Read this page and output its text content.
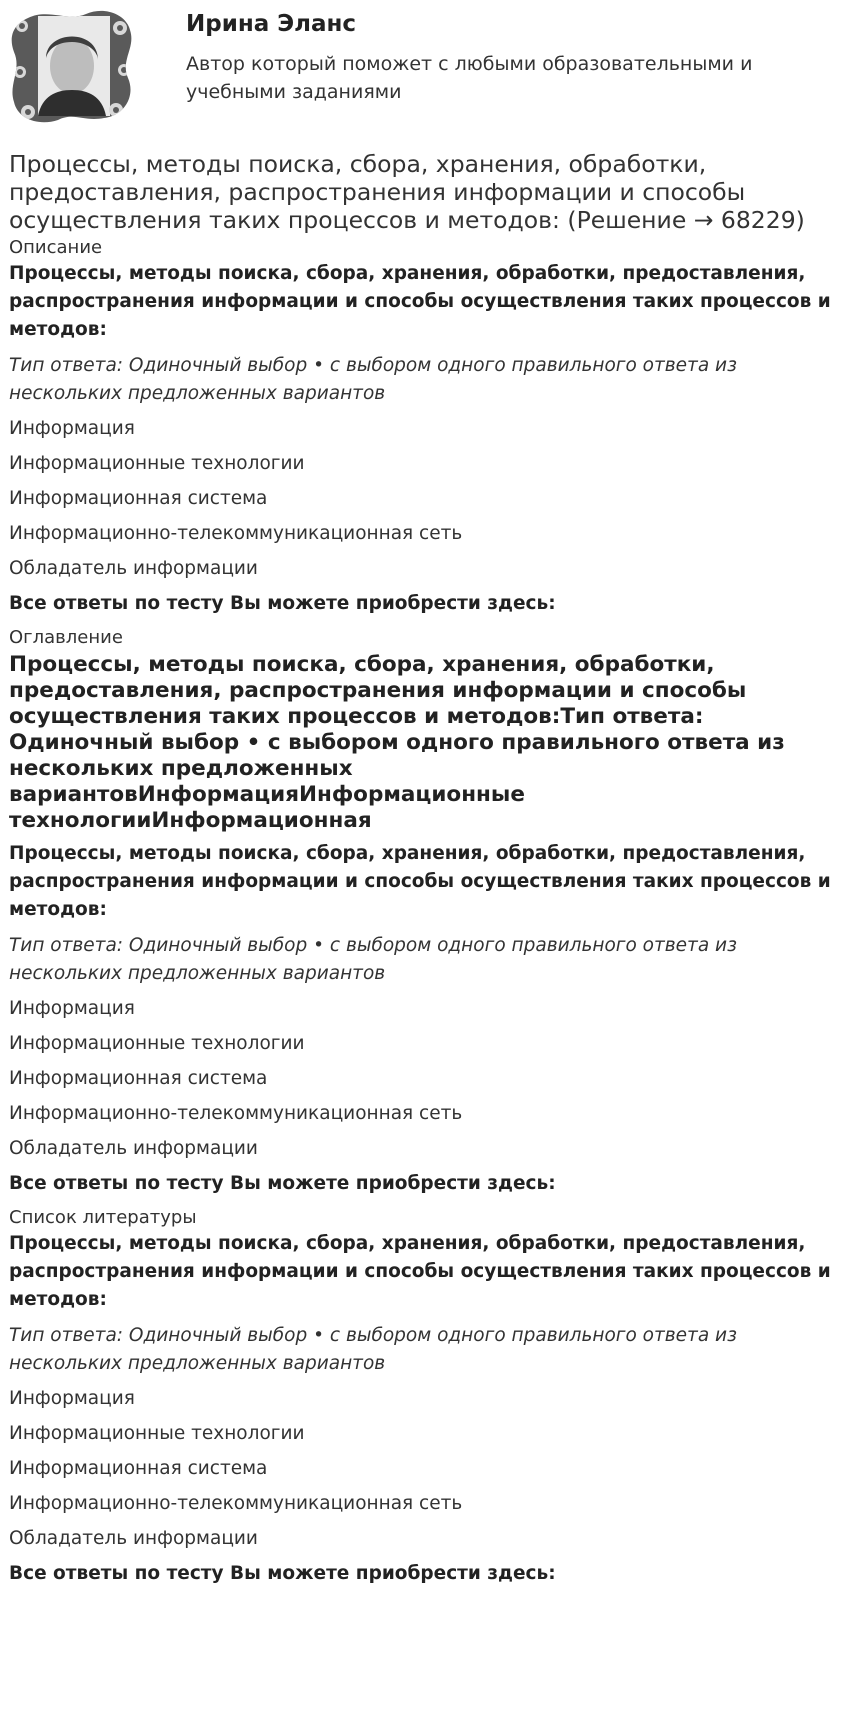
Ирина Эланс
Автор который поможет с любыми образовательными и учебными заданиями
Процессы, методы поиска, сбора, хранения, обработки, предоставления, распространения информации и способы осуществления таких процессов и методов: (Решение → 68229)
Описание

Процессы, методы поиска, сбора, хранения, обработки, предоставления, распространения информации и способы осуществления таких процессов и методов:

Тип ответа: Одиночный выбор • с выбором одного правильного ответа из нескольких предложенных вариантов

Информация

Информационные технологии

Информационная система

Информационно-телекоммуникационная сеть

Обладатель информации

Все ответы по тесту Вы можете приобрести здесь:

Оглавление
Процессы, методы поиска, сбора, хранения, обработки, предоставления, распространения информации и способы осуществления таких процессов и методов:Тип ответа: Одиночный выбор • с выбором одного правильного ответа из нескольких предложенных вариантовИнформацияИнформационные технологииИнформационная

Процессы, методы поиска, сбора, хранения, обработки, предоставления, распространения информации и способы осуществления таких процессов и методов:

Тип ответа: Одиночный выбор • с выбором одного правильного ответа из нескольких предложенных вариантов

Информация

Информационные технологии

Информационная система

Информационно-телекоммуникационная сеть

Обладатель информации

Все ответы по тесту Вы можете приобрести здесь:

Список литературы

Процессы, методы поиска, сбора, хранения, обработки, предоставления, распространения информации и способы осуществления таких процессов и методов:

Тип ответа: Одиночный выбор • с выбором одного правильного ответа из нескольких предложенных вариантов

Информация

Информационные технологии

Информационная система

Информационно-телекоммуникационная сеть

Обладатель информации

Все ответы по тесту Вы можете приобрести здесь:
